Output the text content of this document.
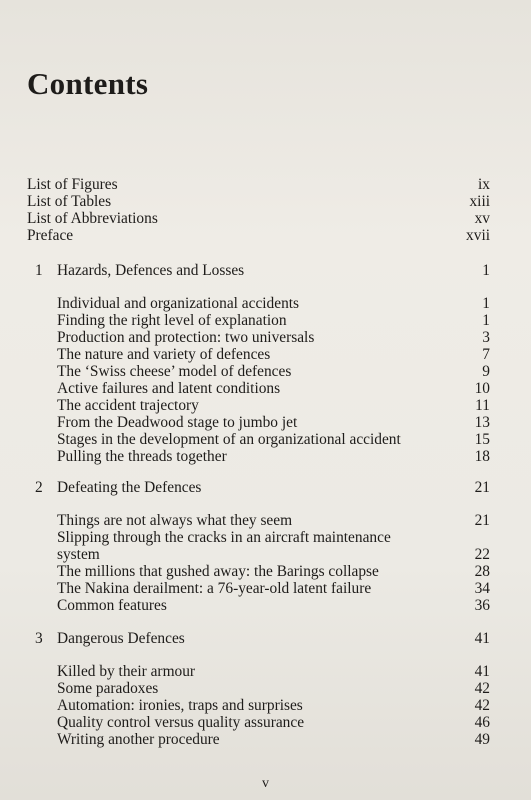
Contents
List of Figures	ix
List of Tables	xiii
List of Abbreviations	xv
Preface	xvii
1 Hazards, Defences and Losses	1
Individual and organizational accidents	1
Finding the right level of explanation	1
Production and protection: two universals	3
The nature and variety of defences	7
The ‘Swiss cheese’ model of defences	9
Active failures and latent conditions	10
The accident trajectory	11
From the Deadwood stage to jumbo jet	13
Stages in the development of an organizational accident	15
Pulling the threads together	18
2 Defeating the Defences	21
Things are not always what they seem	21
Slipping through the cracks in an aircraft maintenance
system	22
The millions that gushed away: the Barings collapse	28
The Nakina derailment: a 76-year-old latent failure	34
Common features	36
3 Dangerous Defences	41
Killed by their armour	41
Some paradoxes	42
Automation: ironies, traps and surprises	42
Quality control versus quality assurance	46
Writing another procedure	49
v
